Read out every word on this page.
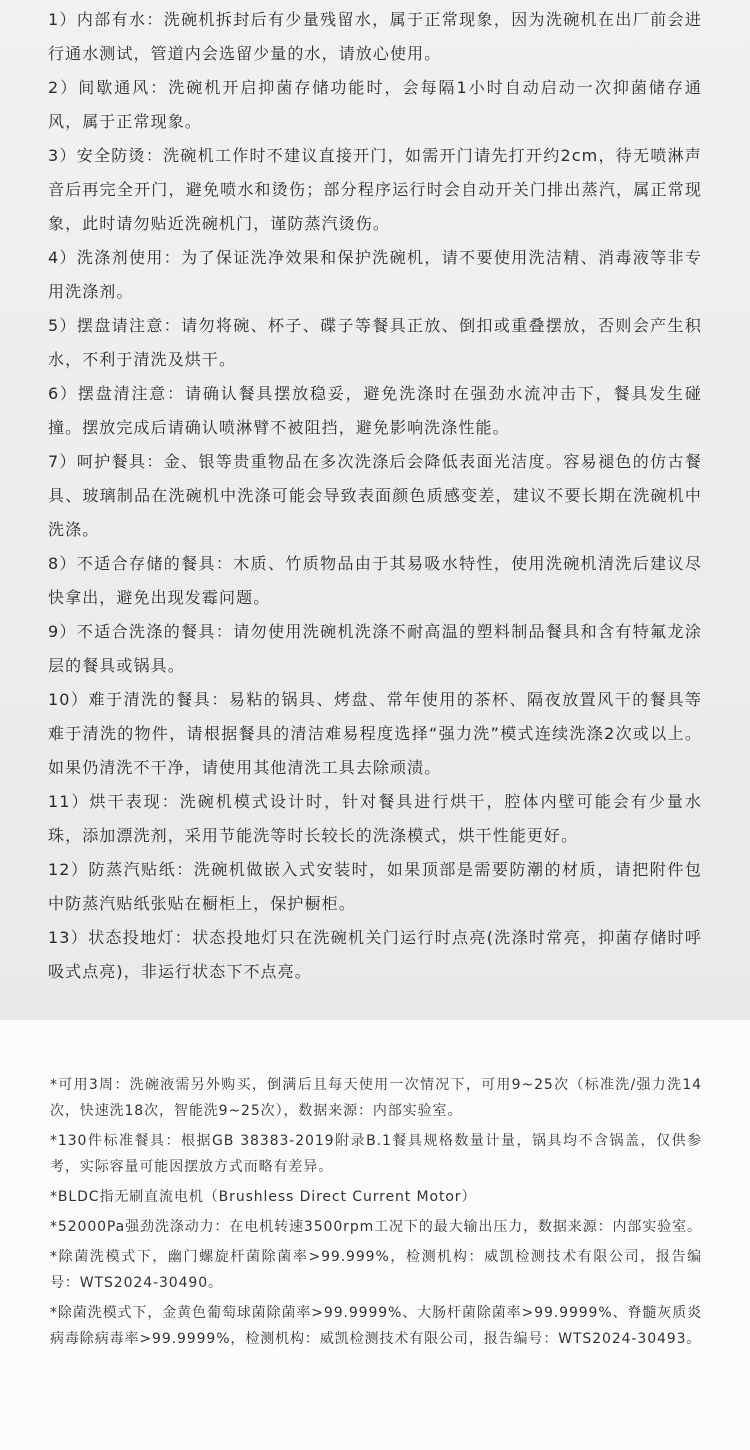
1）内部有水：洗碗机拆封后有少量残留水，属于正常现象，因为洗碗机在出厂前会进行通水测试，管道内会选留少量的水，请放心使用。

2）间歇通风：洗碗机开启抑菌存储功能时，会每隔1小时自动启动一次抑菌储存通风，属于正常现象。

3）安全防烫：洗碗机工作时不建议直接开门，如需开门请先打开约2cm，待无喷淋声音后再完全开门，避免喷水和烫伤；部分程序运行时会自动开关门排出蒸汽，属正常现象，此时请勿贴近洗碗机门，谨防蒸汽烫伤。

4）洗涤剂使用：为了保证洗净效果和保护洗碗机，请不要使用洗洁精、消毒液等非专用洗涤剂。

5）摆盘请注意：请勿将碗、杯子、碟子等餐具正放、倒扣或重叠摆放，否则会产生积水，不利于清洗及烘干。

6）摆盘清注意：请确认餐具摆放稳妥，避免洗涤时在强劲水流冲击下，餐具发生碰撞。摆放完成后请确认喷淋臂不被阻挡，避免影响洗涤性能。

7）呵护餐具：金、银等贵重物品在多次洗涤后会降低表面光洁度。容易褪色的仿古餐具、玻璃制品在洗碗机中洗涤可能会导致表面颜色质感变差，建议不要长期在洗碗机中洗涤。

8）不适合存储的餐具：木质、竹质物品由于其易吸水特性，使用洗碗机清洗后建议尽快拿出，避免出现发霉问题。

9）不适合洗涤的餐具：请勿使用洗碗机洗涤不耐高温的塑料制品餐具和含有特氟龙涂层的餐具或锅具。

10）难于清洗的餐具：易粘的锅具、烤盘、常年使用的茶杯、隔夜放置风干的餐具等难于清洗的物件，请根据餐具的清洁难易程度选择“强力洗”模式连续洗涤2次或以上。如果仍清洗不干净，请使用其他清洗工具去除顽渍。

11）烘干表现：洗碗机模式设计时，针对餐具进行烘干，腔体内壁可能会有少量水珠，添加漂洗剂，采用节能洗等时长较长的洗涤模式，烘干性能更好。

12）防蒸汽贴纸：洗碗机做嵌入式安装时，如果顶部是需要防潮的材质，请把附件包中防蒸汽贴纸张贴在橱柜上，保护橱柜。

13）状态投地灯：状态投地灯只在洗碗机关门运行时点亮(洗涤时常亮，抑菌存储时呼吸式点亮)，非运行状态下不点亮。

*可用3周：洗碗液需另外购买，倒满后且每天使用一次情况下，可用9~25次（标准洗/强力洗14次，快速洗18次，智能洗9~25次），数据来源：内部实验室。

*130件标准餐具：根据GB 38383-2019附录B.1餐具规格数量计量，锅具均不含锅盖，仅供参考，实际容量可能因摆放方式而略有差异。

*BLDC指无刷直流电机（Brushless Direct Current Motor）

*52000Pa强劲洗涤动力：在电机转速3500rpm工况下的最大输出压力，数据来源：内部实验室。

*除菌洗模式下，幽门螺旋杆菌除菌率>99.999%，检测机构：威凯检测技术有限公司，报告编号：WTS2024-30490。

*除菌洗模式下，金黄色葡萄球菌除菌率>99.9999%、大肠杆菌除菌率>99.9999%、脊髓灰质炎病毒除病毒率>99.9999%，检测机构：威凯检测技术有限公司，报告编号：WTS2024-30493。
